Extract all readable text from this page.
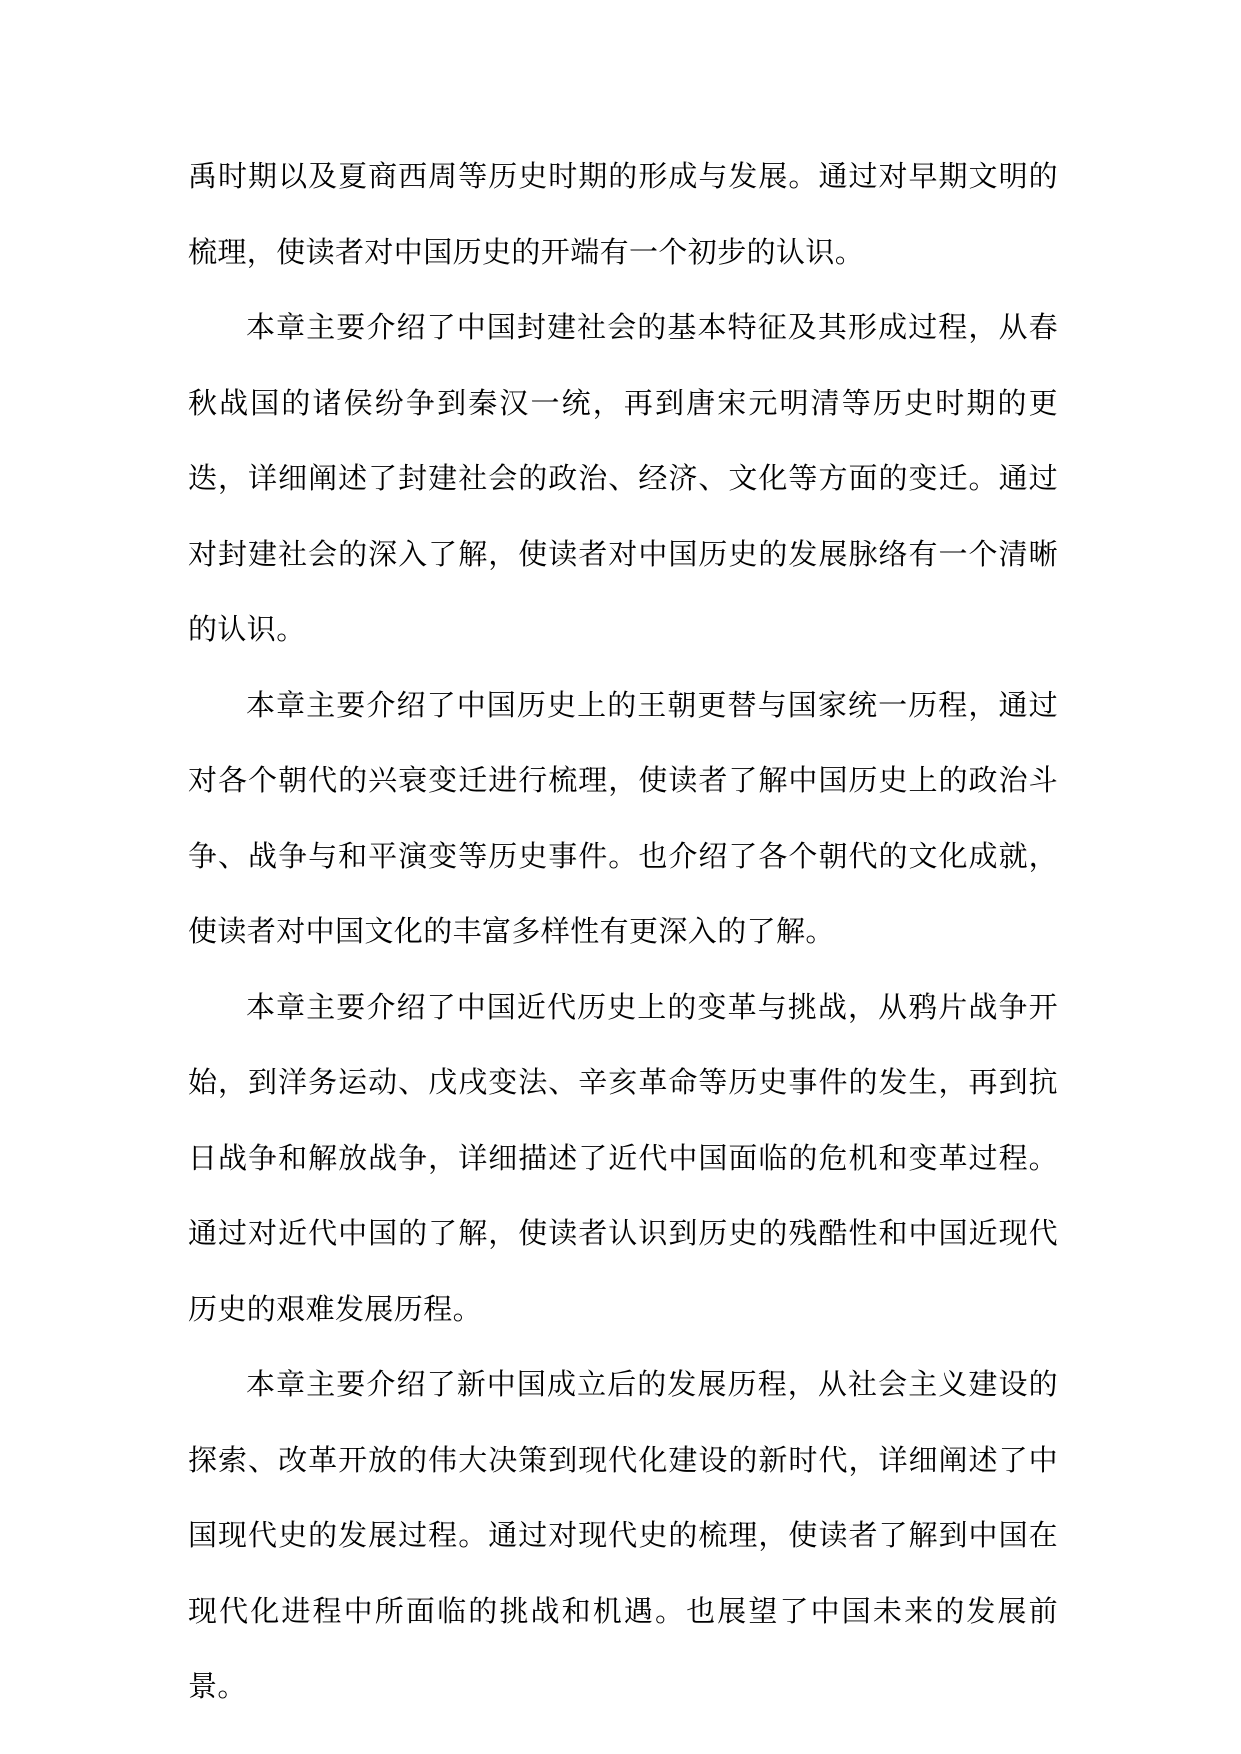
禹时期以及夏商西周等历史时期的形成与发展。通过对早期文明的梳理，使读者对中国历史的开端有一个初步的认识。

本章主要介绍了中国封建社会的基本特征及其形成过程，从春秋战国的诸侯纷争到秦汉一统，再到唐宋元明清等历史时期的更迭，详细阐述了封建社会的政治、经济、文化等方面的变迁。通过对封建社会的深入了解，使读者对中国历史的发展脉络有一个清晰的认识。

本章主要介绍了中国历史上的王朝更替与国家统一历程，通过对各个朝代的兴衰变迁进行梳理，使读者了解中国历史上的政治斗争、战争与和平演变等历史事件。也介绍了各个朝代的文化成就，使读者对中国文化的丰富多样性有更深入的了解。

本章主要介绍了中国近代历史上的变革与挑战，从鸦片战争开始，到洋务运动、戊戌变法、辛亥革命等历史事件的发生，再到抗日战争和解放战争，详细描述了近代中国面临的危机和变革过程。通过对近代中国的了解，使读者认识到历史的残酷性和中国近现代历史的艰难发展历程。

本章主要介绍了新中国成立后的发展历程，从社会主义建设的探索、改革开放的伟大决策到现代化建设的新时代，详细阐述了中国现代史的发展过程。通过对现代史的梳理，使读者了解到中国在现代化进程中所面临的挑战和机遇。也展望了中国未来的发展前景。
